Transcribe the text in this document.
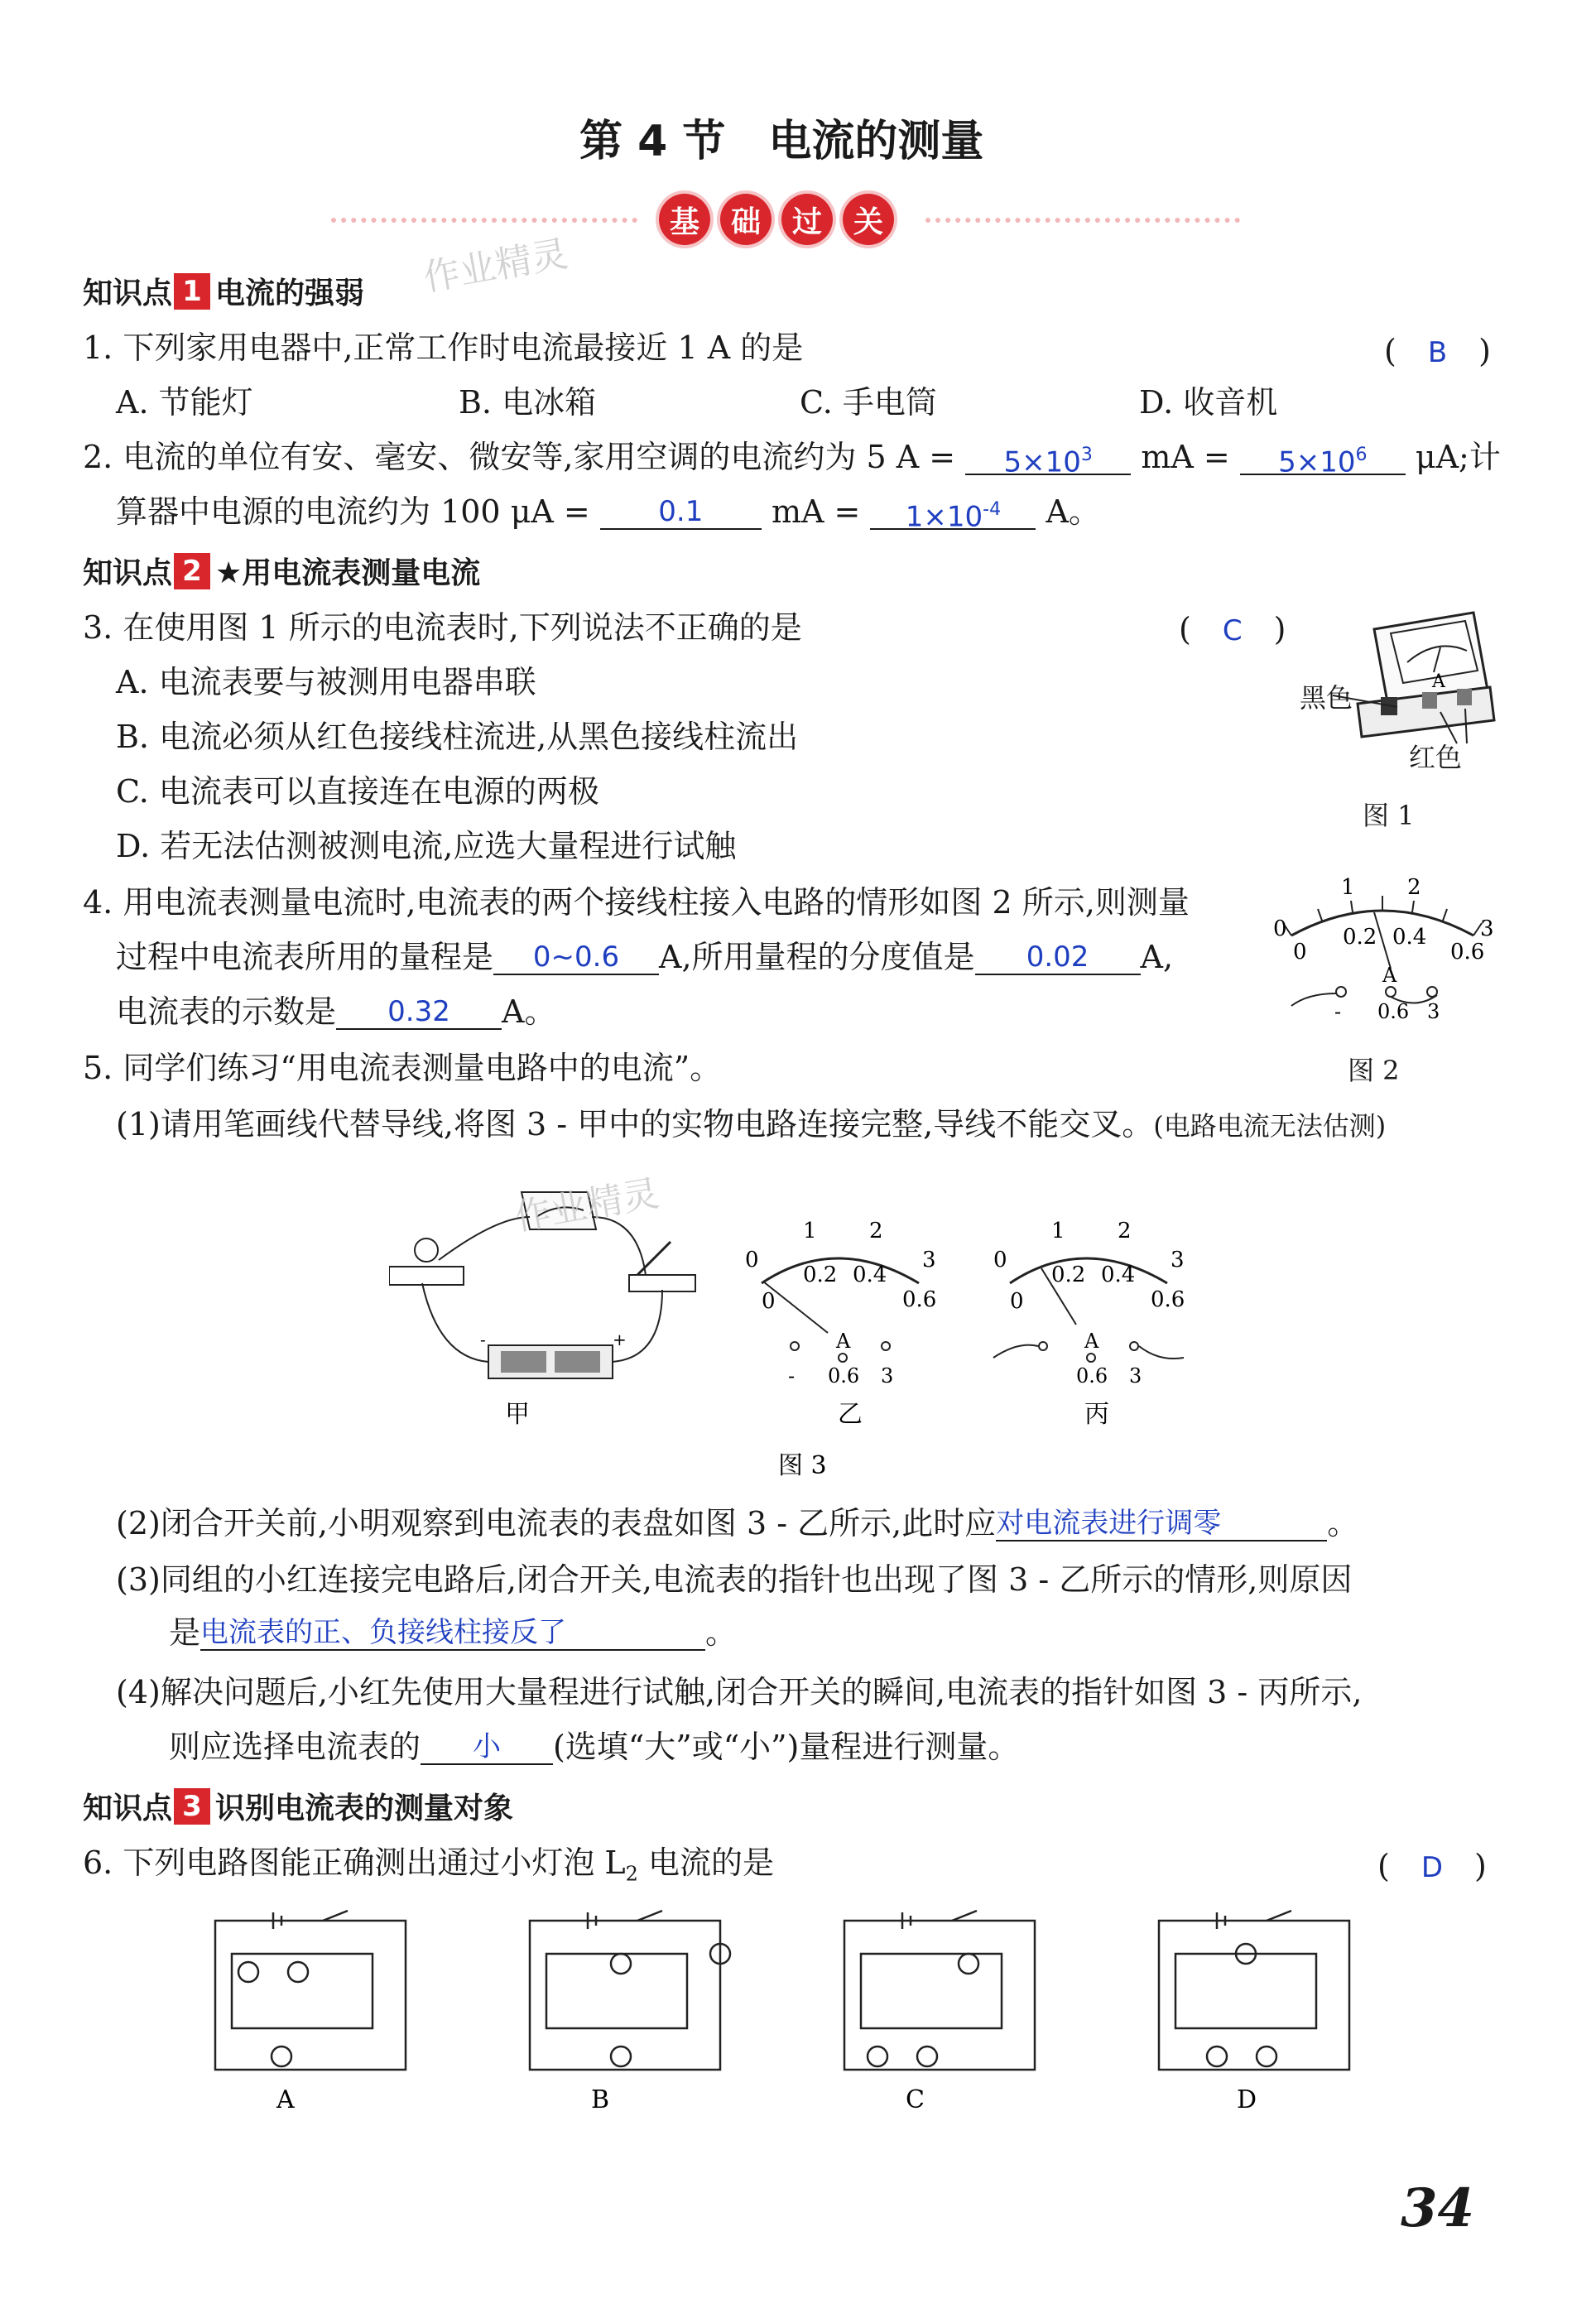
第 4 节　电流的测量
基	础	过	关
作业精灵
知识点 1 电流的强弱
1. 下列家用电器中,正常工作时电流最接近 1 A 的是	(　B　)
A. 节能灯	B. 电冰箱	C. 手电筒	D. 收音机
2. 电流的单位有安、毫安、微安等,家用空调的电流约为 5 $A = 5\times 10^3$ mA = $5\times 10^6$ μA;计
算器中电源的电流约为 100 μA = 0.1 mA = $1\times 10^{-4}$ A。
知识点 2 ★用电流表测量电流
3. 在使用图 1 所示的电流表时,下列说法不正确的是	(　C　)
A. 电流表要与被测用电器串联
B. 电流必须从红色接线柱流进,从黑色接线柱流出
C. 电流表可以直接连在电源的两极
D. 若无法估测被测电流,应选大量程进行试触
A
黑色
红色
图 1
4. 用电流表测量电流时,电流表的两个接线柱接入电路的情形如图 2 所示,则测量
过程中电流表所用的量程是 0~0.6 A,所用量程的分度值是 0.02 A,
电流表的示数是 0.32 A。
0
1 2
3
0
0.2 0.4
0.6
A
- 0.6 3
图 2
5. 同学们练习“用电流表测量电路中的电流”。
(1)请用笔画线代替导线,将图 3 - 甲中的实物电路连接完整,导线不能交叉。(电路电流无法估测)
-	+
甲
0
1 2
3
0
0.2 0.4
0.6
A
- 0.6 3
乙
0
1 2
3
0
0.2 0.4
0.6
A
0.6 3
丙
图 3
作业精灵
(2)闭合开关前,小明观察到电流表的表盘如图 3 - 乙所示,此时应对电流表进行调零	。
(3)同组的小红连接完电路后,闭合开关,电流表的指针也出现了图 3 - 乙所示的情形,则原因
是电流表的正、负接线柱接反了	。
(4)解决问题后,小红先使用大量程进行试触,闭合开关的瞬间,电流表的指针如图 3 - 丙所示,
则应选择电流表的 小 (选填“大”或“小”)量程进行测量。
知识点 3 识别电流表的测量对象
6. 下列电路图能正确测出通过小灯泡 $L_2$ 电流的是	(　D　)
A	B	C	D
34
